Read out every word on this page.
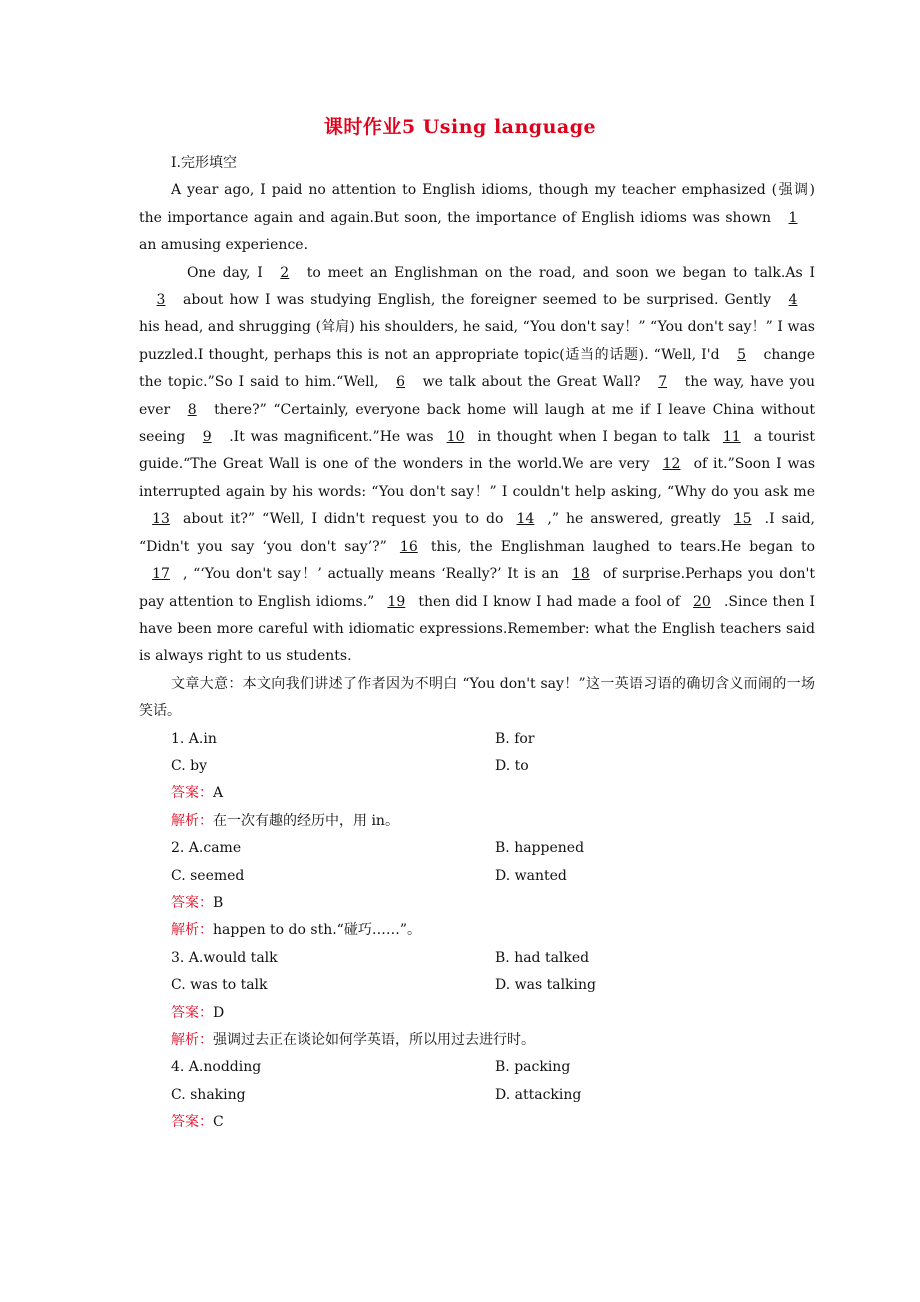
课时作业5 Using language

Ⅰ.完形填空

A year ago, I paid no attention to English idioms, though my teacher emphasized (强调) the importance again and again.But soon, the importance of English idioms was shown 1an amusing experience.

One day, I 2 to meet an Englishman on the road, and soon we began to talk.As I3 about how I was studying English, the foreigner seemed to be surprised. Gently 4his head, and shrugging (耸肩) his shoulders, he said, “You don't say！” “You don't say！” I was puzzled.I thought, perhaps this is not an appropriate topic(适当的话题). “Well, I'd 5 change the topic.”So I said to him.“Well, 6 we talk about the Great Wall? 7 the way, have you ever 8 there?” “Certainly, everyone back home will laugh at me if I leave China without seeing 9 .It was magnificent.”He was 10 in thought when I began to talk 11 a tourist guide.“The Great Wall is one of the wonders in the world.We are very 12 of it.”Soon I was interrupted again by his words: “You don't say！” I couldn't help asking, “Why do you ask me13 about it?” “Well, I didn't request you to do 14 ,” he answered, greatly 15 .I said, “Didn't you say ‘you don't say’?” 16 this, the Englishman laughed to tears.He began to17 , “‘You don't say！’ actually means ‘Really?’ It is an 18 of surprise.Perhaps you don't pay attention to English idioms.” 19 then did I know I had made a fool of 20 .Since then I have been more careful with idiomatic expressions.Remember: what the English teachers said is always right to us students.

文章大意：本文向我们讲述了作者因为不明白 “You don't say！”这一英语习语的确切含义而闹的一场笑话。

1. A.in	B. for
C. by	D. to
答案：A
解析：在一次有趣的经历中，用 in。
2. A.came	B. happened
C. seemed	D. wanted
答案：B
解析：happen to do sth.“碰巧……”。
3. A.would talk	B. had talked
C. was to talk	D. was talking
答案：D
解析：强调过去正在谈论如何学英语，所以用过去进行时。
4. A.nodding	B. packing
C. shaking	D. attacking
答案：C
